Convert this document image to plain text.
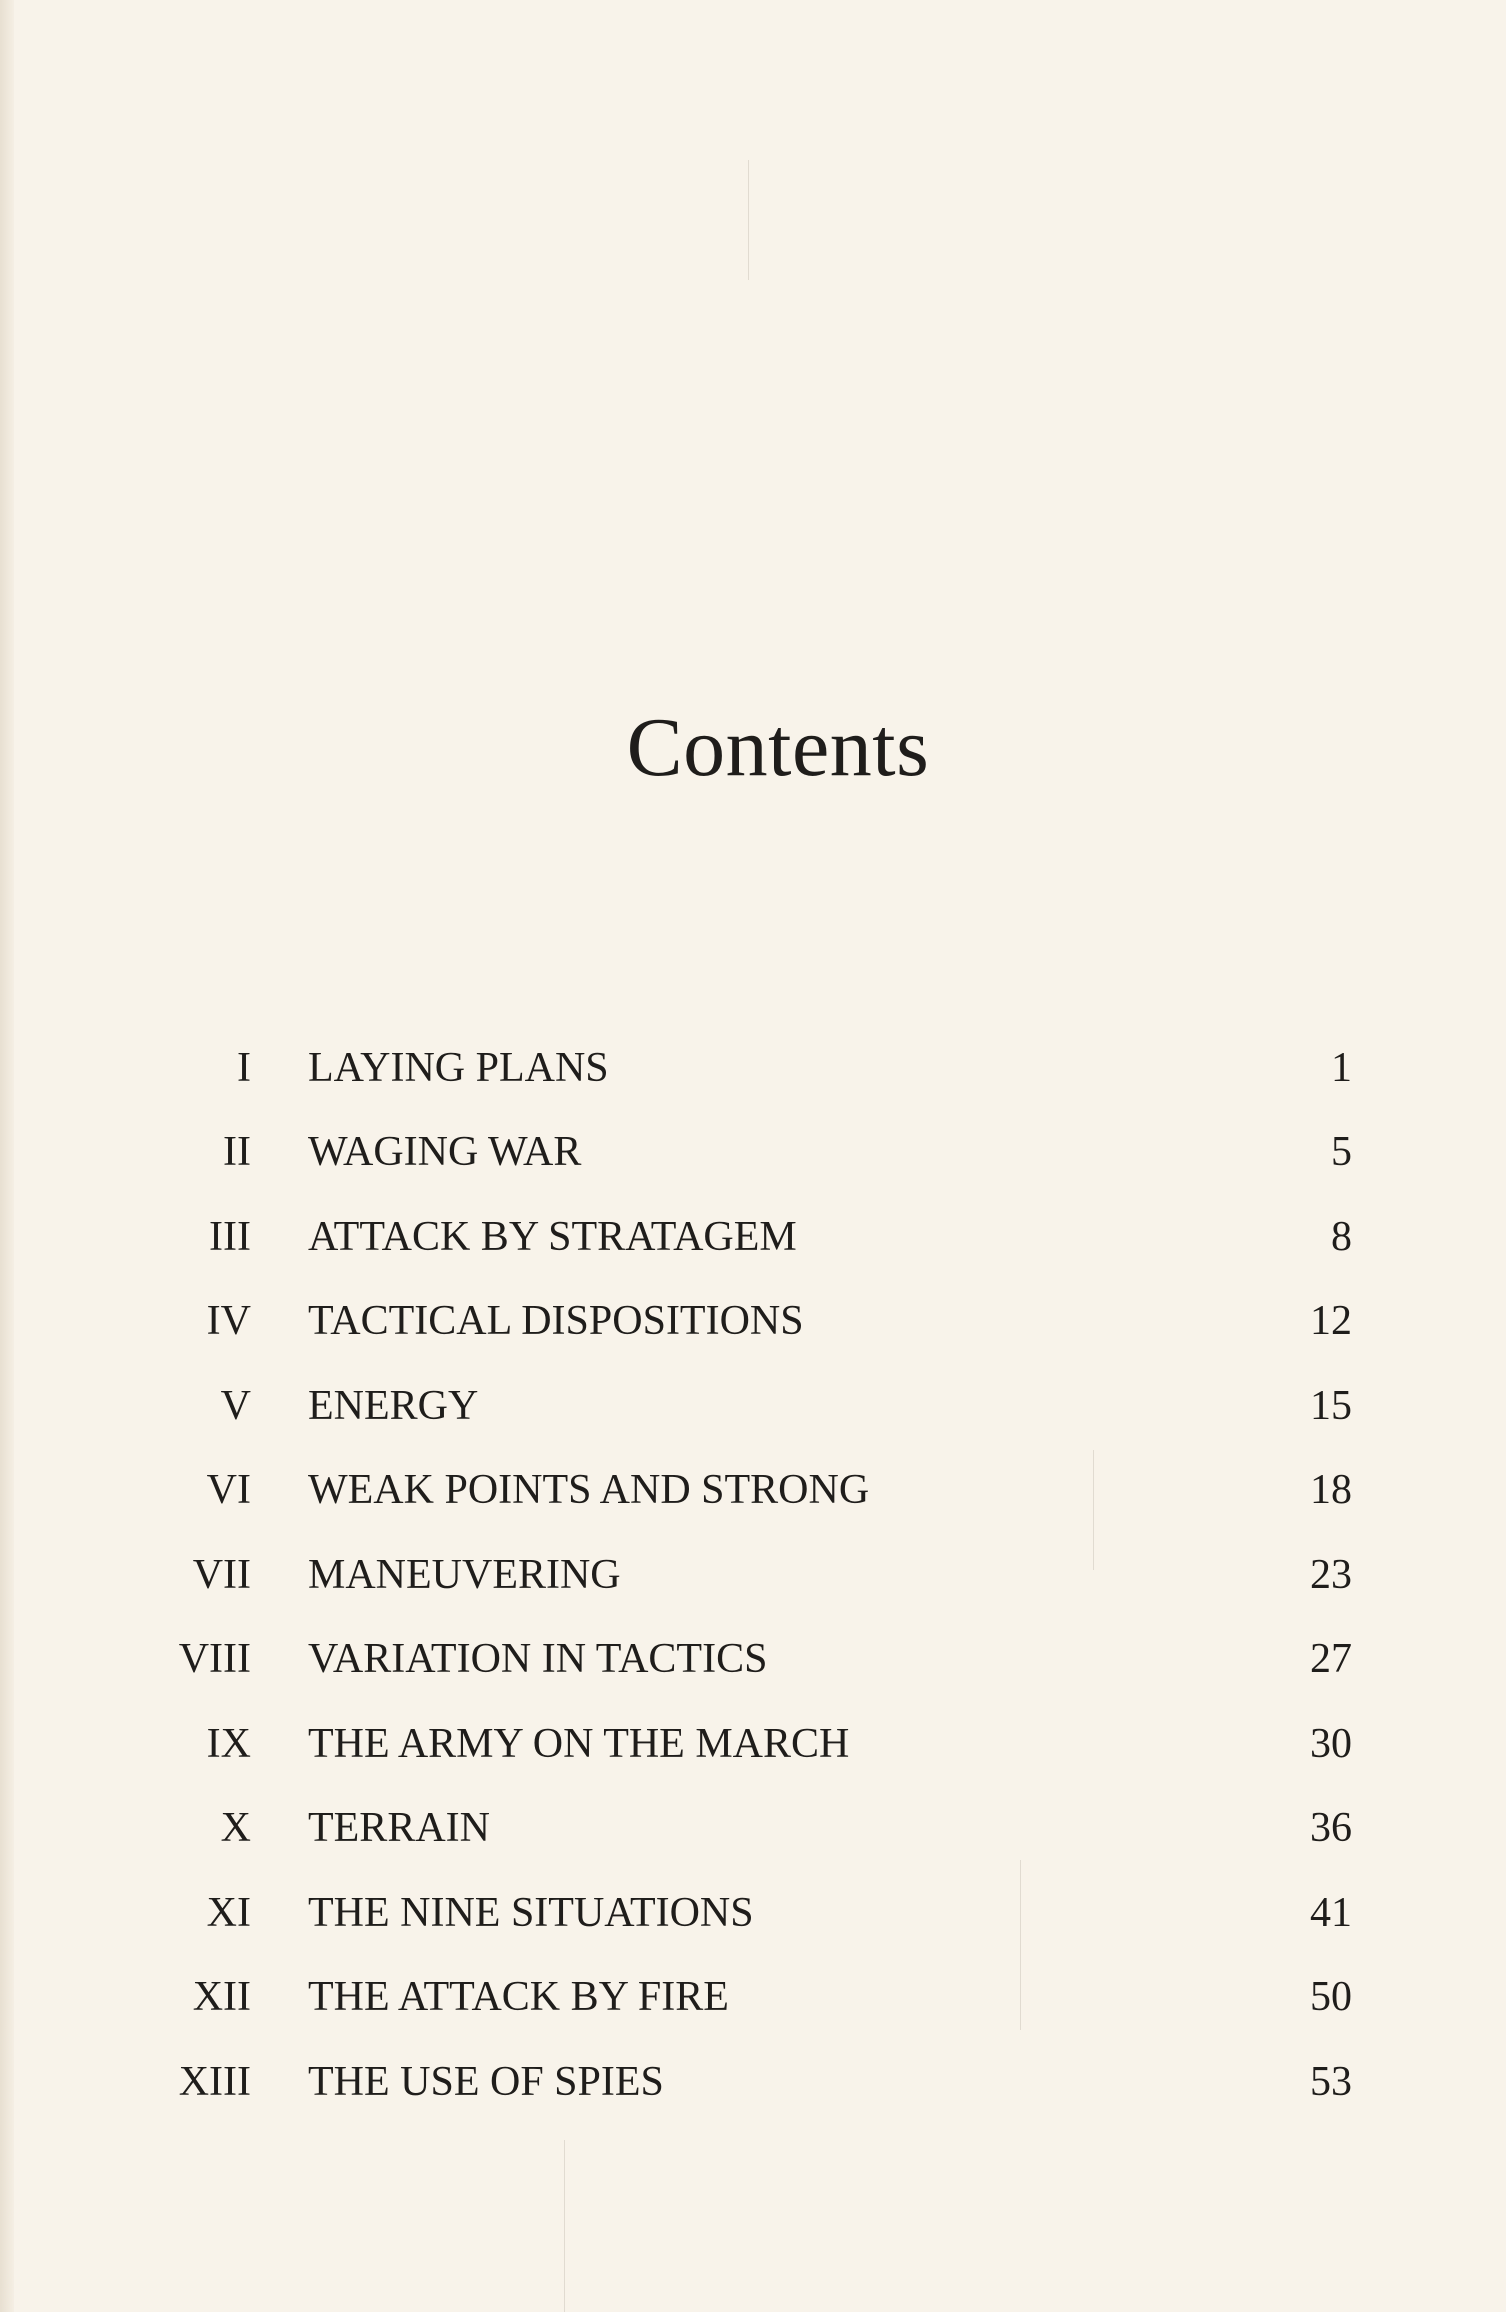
Contents
I LAYING PLANS	1
II WAGING WAR	5
III ATTACK BY STRATAGEM	8
IV TACTICAL DISPOSITIONS	12
V ENERGY	15
VI WEAK POINTS AND STRONG	18
VII MANEUVERING	23
VIII VARIATION IN TACTICS	27
IX THE ARMY ON THE MARCH	30
X TERRAIN	36
XI THE NINE SITUATIONS	41
XII THE ATTACK BY FIRE	50
XIII THE USE OF SPIES	53
